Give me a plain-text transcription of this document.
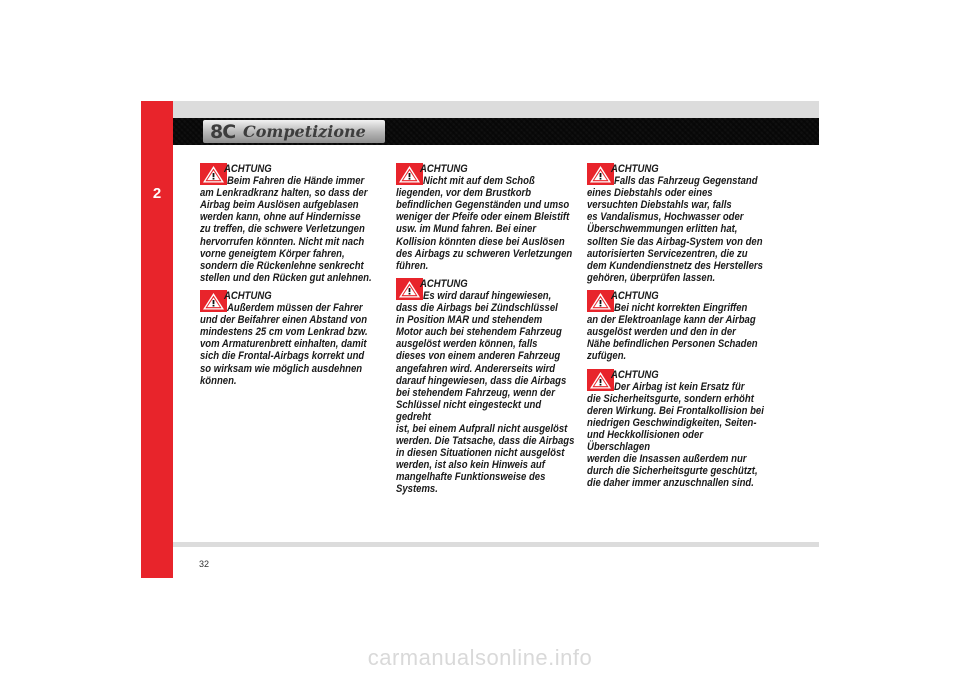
2
8C Competizione
ACHTUNG
Beim Fahren die Hände immer
am Lenkradkranz halten, so dass der
Airbag beim Auslösen aufgeblasen
werden kann, ohne auf Hindernisse
zu treffen, die schwere Verletzungen
hervorrufen könnten. Nicht mit nach
vorne geneigtem Körper fahren,
sondern die Rückenlehne senkrecht
stellen und den Rücken gut anlehnen.
ACHTUNG
Außerdem müssen der Fahrer
und der Beifahrer einen Abstand von
mindestens 25 cm vom Lenkrad bzw.
vom Armaturenbrett einhalten, damit
sich die Frontal-Airbags korrekt und
so wirksam wie möglich ausdehnen
können.
ACHTUNG
Nicht mit auf dem Schoß
liegenden, vor dem Brustkorb
befindlichen Gegenständen und umso
weniger der Pfeife oder einem Bleistift
usw. im Mund fahren. Bei einer
Kollision könnten diese bei Auslösen
des Airbags zu schweren Verletzungen
führen.
ACHTUNG
Es wird darauf hingewiesen,
dass die Airbags bei Zündschlüssel
in Position MAR und stehendem
Motor auch bei stehendem Fahrzeug
ausgelöst werden können, falls
dieses von einem anderen Fahrzeug
angefahren wird. Andererseits wird
darauf hingewiesen, dass die Airbags
bei stehendem Fahrzeug, wenn der
Schlüssel nicht eingesteckt und gedreht
ist, bei einem Aufprall nicht ausgelöst
werden. Die Tatsache, dass die Airbags
in diesen Situationen nicht ausgelöst
werden, ist also kein Hinweis auf
mangelhafte Funktionsweise des
Systems.
ACHTUNG
Falls das Fahrzeug Gegenstand
eines Diebstahls oder eines
versuchten Diebstahls war, falls
es Vandalismus, Hochwasser oder
Überschwemmungen erlitten hat,
sollten Sie das Airbag-System von den
autorisierten Servicezentren, die zu
dem Kundendienstnetz des Herstellers
gehören, überprüfen lassen.
ACHTUNG
Bei nicht korrekten Eingriffen
an der Elektroanlage kann der Airbag
ausgelöst werden und den in der
Nähe befindlichen Personen Schaden
zufügen.
ACHTUNG
Der Airbag ist kein Ersatz für
die Sicherheitsgurte, sondern erhöht
deren Wirkung. Bei Frontalkollision bei
niedrigen Geschwindigkeiten, Seiten-
und Heckkollisionen oder Überschlagen
werden die Insassen außerdem nur
durch die Sicherheitsgurte geschützt,
die daher immer anzuschnallen sind.
32
carmanualsonline.info
